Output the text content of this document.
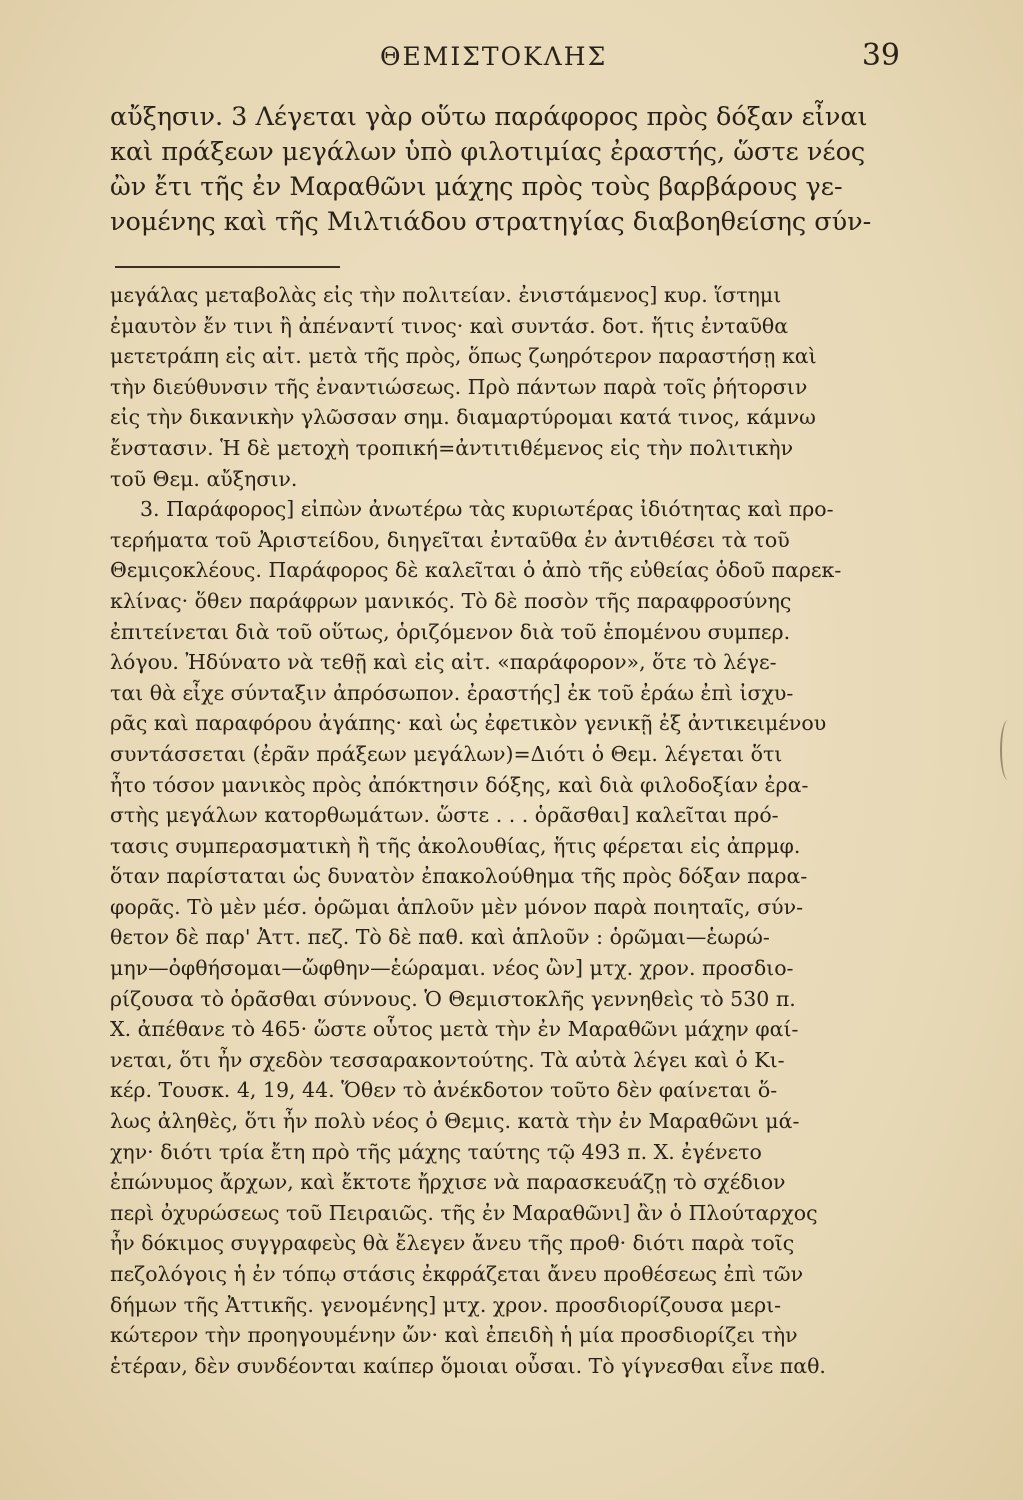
ΘΕΜΙΣΤΟΚΛΗΣ	39
αὔξησιν. 3 Λέγεται γὰρ οὕτω παράφορος πρὸς δόξαν εἶναι
καὶ πράξεων μεγάλων ὑπὸ φιλοτιμίας ἐραστής, ὥστε νέος
ὢν ἔτι τῆς ἐν Μαραθῶνι μάχης πρὸς τοὺς βαρβάρους γε-
νομένης καὶ τῆς Μιλτιάδου στρατηγίας διαβοηθείσης σύν-
μεγάλας μεταβολὰς εἰς τὴν πολιτείαν. ἐνιστάμενος] κυρ. ἵστημι
ἐμαυτὸν ἔν τινι ἢ ἀπέναντί τινος· καὶ συντάσ. δοτ. ἥτις ἐνταῦθα
μετετράπη εἰς αἰτ. μετὰ τῆς πρὸς, ὅπως ζωηρότερον παραστήσῃ καὶ
τὴν διεύθυνσιν τῆς ἐναντιώσεως. Πρὸ πάντων παρὰ τοῖς ῥήτορσιν
εἰς τὴν δικανικὴν γλῶσσαν σημ. διαμαρτύρομαι κατά τινος, κάμνω
ἔνστασιν. Ἡ δὲ μετοχὴ τροπική=ἀντιτιθέμενος εἰς τὴν πολιτικὴν
τοῦ Θεμ. αὔξησιν.
3. Παράφορος] εἰπὼν ἀνωτέρω τὰς κυριωτέρας ἰδιότητας καὶ προ-
τερήματα τοῦ Ἀριστείδου, διηγεῖται ἐνταῦθα ἐν ἀντιθέσει τὰ τοῦ
Θεμιςοκλέους. Παράφορος δὲ καλεῖται ὁ ἀπὸ τῆς εὐθείας ὁδοῦ παρεκ-
κλίνας· ὅθεν παράφρων μανικός. Τὸ δὲ ποσὸν τῆς παραφροσύνης
ἐπιτείνεται διὰ τοῦ οὕτως, ὁριζόμενον διὰ τοῦ ἑπομένου συμπερ.
λόγου. Ἠδύνατο νὰ τεθῇ καὶ εἰς αἰτ. «παράφορον», ὅτε τὸ λέγε-
ται θὰ εἶχε σύνταξιν ἀπρόσωπον. ἐραστής] ἐκ τοῦ ἐράω ἐπὶ ἰσχυ-
ρᾶς καὶ παραφόρου ἀγάπης· καὶ ὡς ἐφετικὸν γενικῇ ἐξ ἀντικειμένου
συντάσσεται (ἐρᾶν πράξεων μεγάλων)=Διότι ὁ Θεμ. λέγεται ὅτι
ἦτο τόσον μανικὸς πρὸς ἀπόκτησιν δόξης, καὶ διὰ φιλοδοξίαν ἐρα-
στὴς μεγάλων κατορθωμάτων. ὥστε . . . ὁρᾶσθαι] καλεῖται πρό-
τασις συμπερασματικὴ ἢ τῆς ἀκολουθίας, ἥτις φέρεται εἰς ἀπρμφ.
ὅταν παρίσταται ὡς δυνατὸν ἐπακολούθημα τῆς πρὸς δόξαν παρα-
φορᾶς. Τὸ μὲν μέσ. ὁρῶμαι ἁπλοῦν μὲν μόνον παρὰ ποιηταῖς, σύν-
θετον δὲ παρ' Ἀττ. πεζ. Τὸ δὲ παθ. καὶ ἁπλοῦν : ὁρῶμαι—ἑωρώ-
μην—ὀφθήσομαι—ὤφθην—ἑώραμαι. νέος ὢν] μτχ. χρον. προσδιο-
ρίζουσα τὸ ὁρᾶσθαι σύννους. Ὁ Θεμιστοκλῆς γεννηθεὶς τὸ 530 π.
Χ. ἀπέθανε τὸ 465· ὥστε οὗτος μετὰ τὴν ἐν Μαραθῶνι μάχην φαί-
νεται, ὅτι ἦν σχεδὸν τεσσαρακοντούτης. Τὰ αὐτὰ λέγει καὶ ὁ Κι-
κέρ. Τουσκ. 4, 19, 44. Ὅθεν τὸ ἀνέκδοτον τοῦτο δὲν φαίνεται ὅ-
λως ἀληθὲς, ὅτι ἦν πολὺ νέος ὁ Θεμις. κατὰ τὴν ἐν Μαραθῶνι μά-
χην· διότι τρία ἔτη πρὸ τῆς μάχης ταύτης τῷ 493 π. Χ. ἐγένετο
ἐπώνυμος ἄρχων, καὶ ἔκτοτε ἤρχισε νὰ παρασκευάζῃ τὸ σχέδιον
περὶ ὀχυρώσεως τοῦ Πειραιῶς. τῆς ἐν Μαραθῶνι] ἂν ὁ Πλούταρχος
ἦν δόκιμος συγγραφεὺς θὰ ἔλεγεν ἄνευ τῆς προθ· διότι παρὰ τοῖς
πεζολόγοις ἡ ἐν τόπῳ στάσις ἐκφράζεται ἄνευ προθέσεως ἐπὶ τῶν
δήμων τῆς Ἀττικῆς. γενομένης] μτχ. χρον. προσδιορίζουσα μερι-
κώτερον τὴν προηγουμένην ὤν· καὶ ἐπειδὴ ἡ μία προσδιορίζει τὴν
ἑτέραν, δὲν συνδέονται καίπερ ὅμοιαι οὖσαι. Τὸ γίγνεσθαι εἶνε παθ.
